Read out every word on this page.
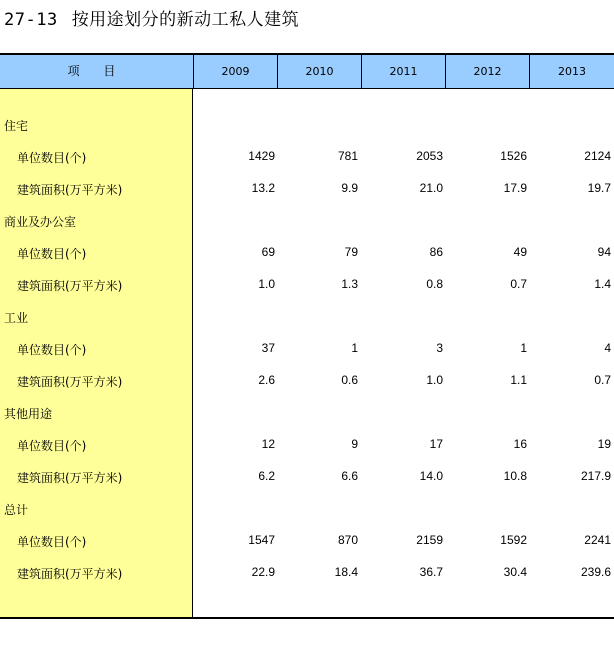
27-13 按用途划分的新动工私人建筑
项 目	2009	2010	2011	2012	2013
住宅
单位数目(个)	1429	781	2053	1526	2124
建筑面积(万平方米)	13.2	9.9	21.0	17.9	19.7
商业及办公室
单位数目(个)	69	79	86	49	94
建筑面积(万平方米)	1.0	1.3	0.8	0.7	1.4
工业
单位数目(个)	37	1	3	1	4
建筑面积(万平方米)	2.6	0.6	1.0	1.1	0.7
其他用途
单位数目(个)	12	9	17	16	19
建筑面积(万平方米)	6.2	6.6	14.0	10.8	217.9
总计
单位数目(个)	1547	870	2159	1592	2241
建筑面积(万平方米)	22.9	18.4	36.7	30.4	239.6
